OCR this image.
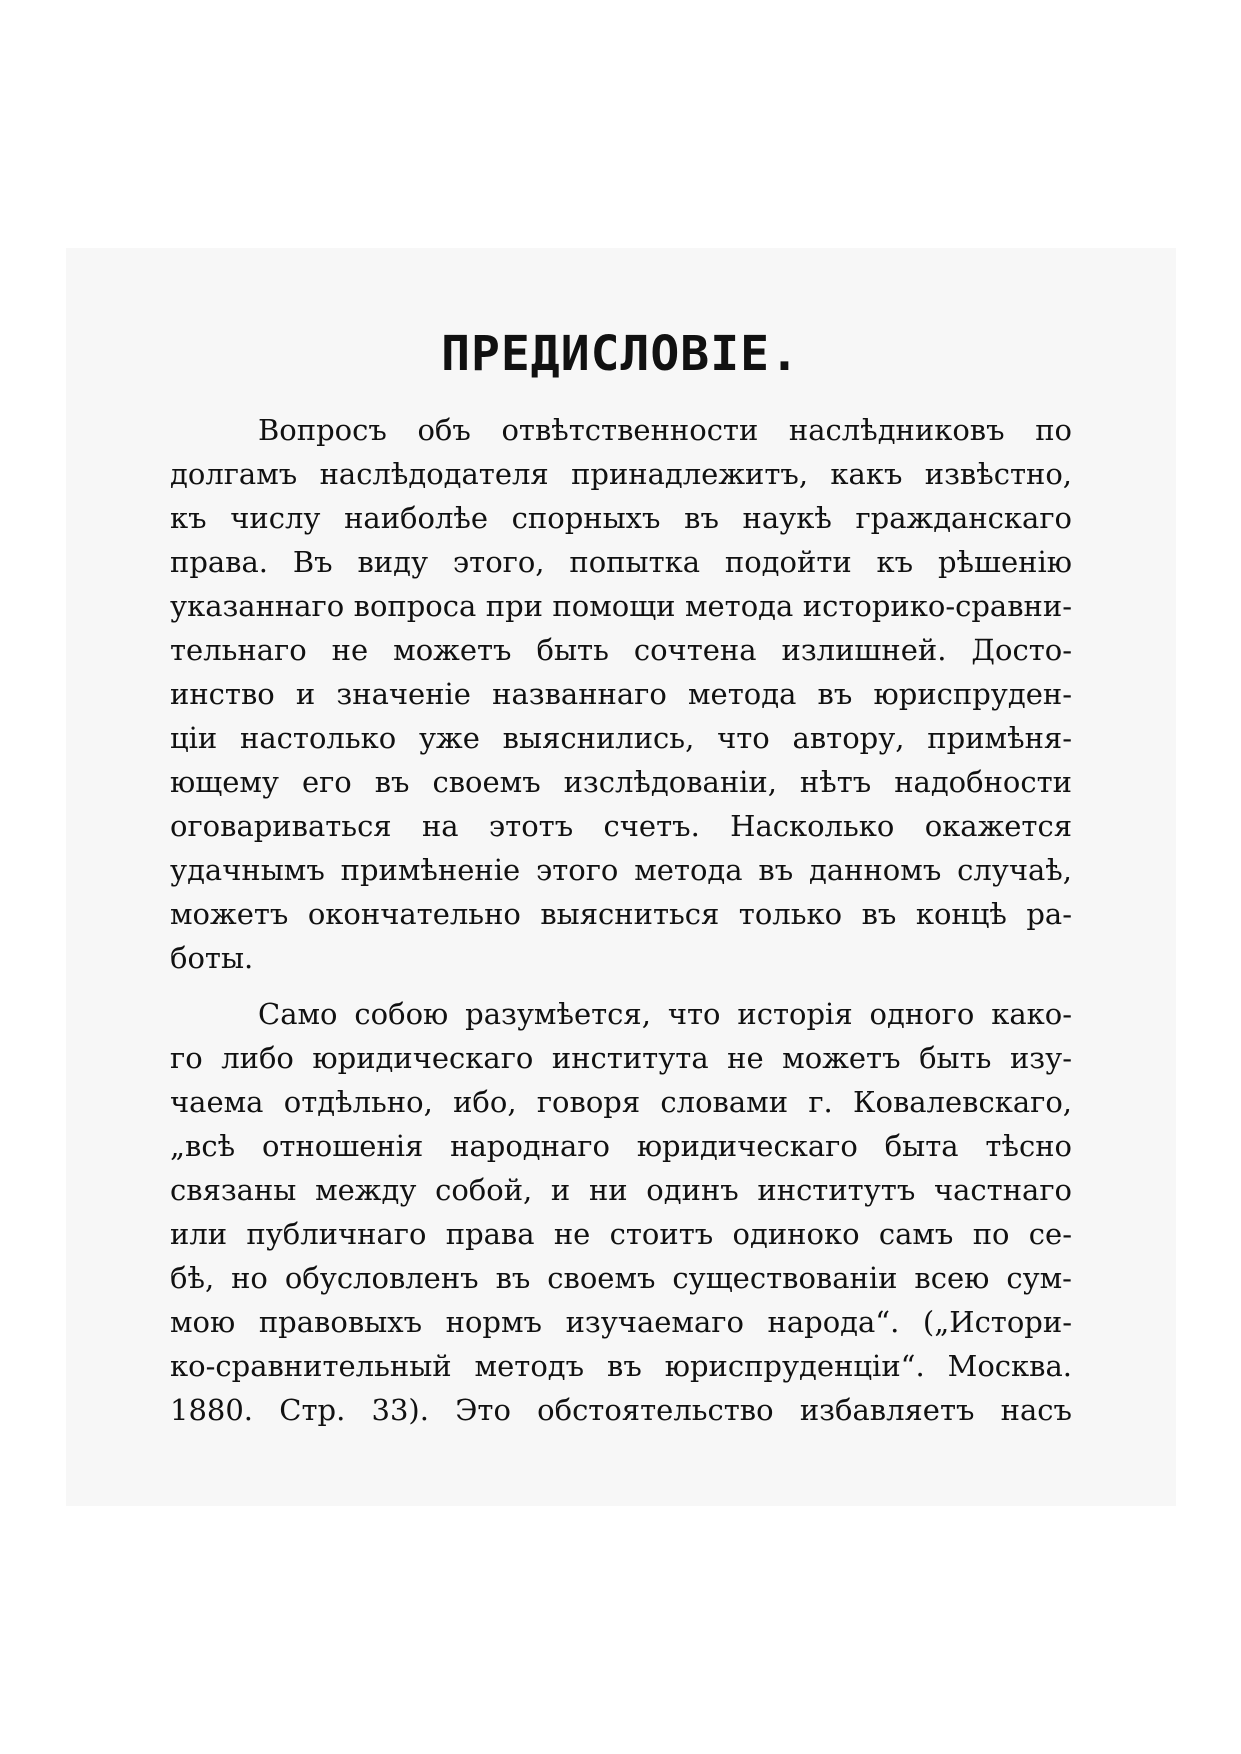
ПРЕДИСЛОВІЕ.
Вопросъ объ отвѣтственности наслѣдниковъ по
долгамъ наслѣдодателя принадлежитъ, какъ извѣстно,
къ числу наиболѣе спорныхъ въ наукѣ гражданскаго
права. Въ виду этого, попытка подойти къ рѣшенію
указаннаго вопроса при помощи метода историко-сравни-
тельнаго не можетъ быть сочтена излишней. Досто-
инство и значеніе названнаго метода въ юриспруден-
ціи настолько уже выяснились, что автору, примѣня-
ющему его въ своемъ изслѣдованіи, нѣтъ надобности
оговариваться на этотъ счетъ. Насколько окажется
удачнымъ примѣненіе этого метода въ данномъ случаѣ,
можетъ окончательно выясниться только въ концѣ ра-
боты.
Само собою разумѣется, что исторія одного како-
го либо юридическаго института не можетъ быть изу-
чаема отдѣльно, ибо, говоря словами г. Ковалевскаго,
„всѣ отношенія народнаго юридическаго быта тѣсно
связаны между собой, и ни одинъ институтъ частнаго
или публичнаго права не стоитъ одиноко самъ по се-
бѣ, но обусловленъ въ своемъ существованіи всею сум-
мою правовыхъ нормъ изучаемаго народа“. („Истори-
ко-сравнительный методъ въ юриспруденціи“. Москва.
1880. Стр. 33). Это обстоятельство избавляетъ насъ
